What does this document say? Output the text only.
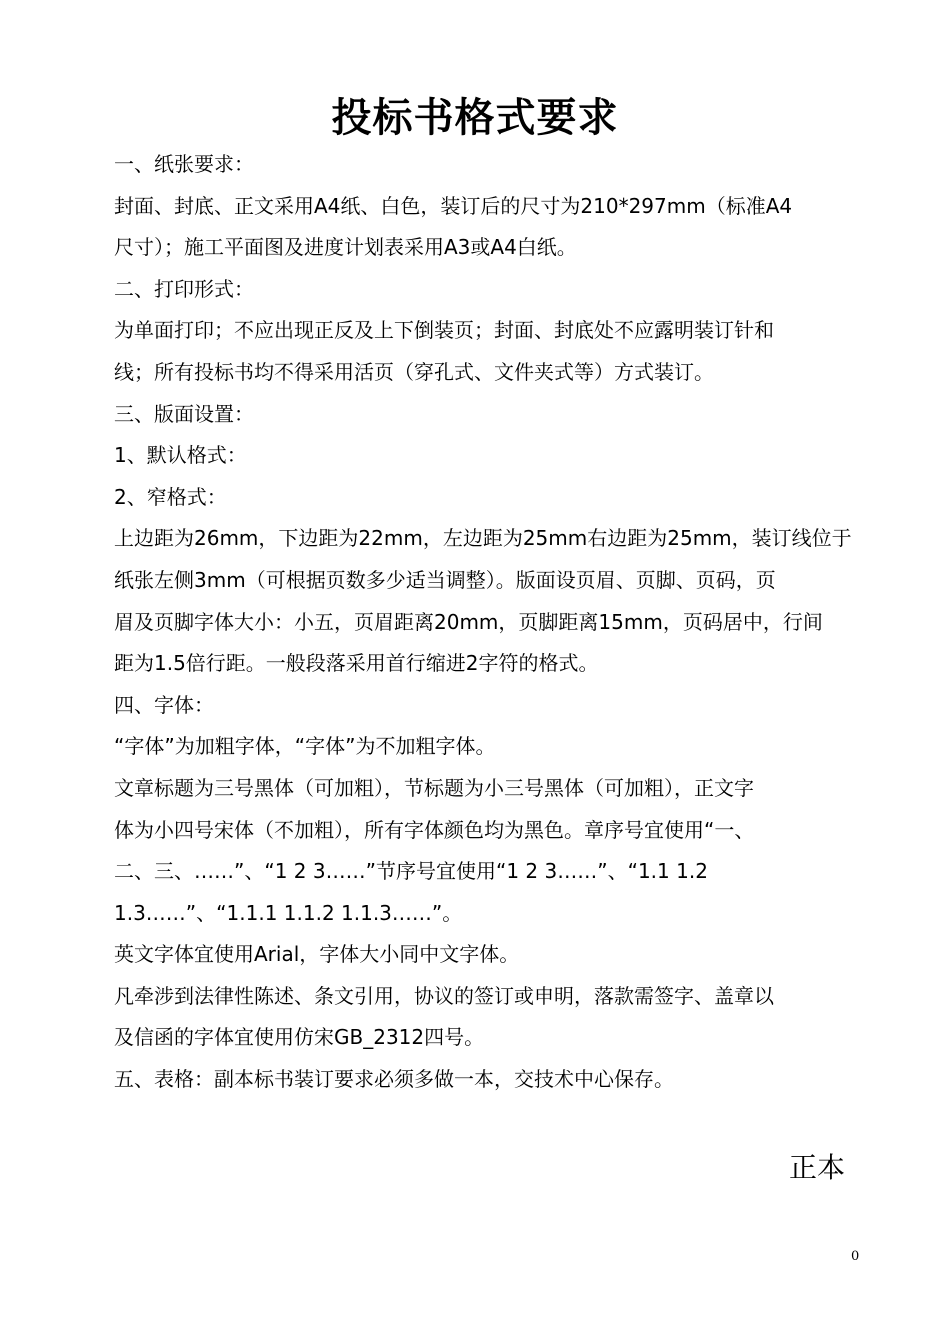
投标书格式要求
一、纸张要求：
封面、封底、正文采用A4纸、白色，装订后的尺寸为210*297mm（标准A4
尺寸）；施工平面图及进度计划表采用A3或A4白纸。
二、打印形式：
为单面打印；不应出现正反及上下倒装页；封面、封底处不应露明装订针和
线；所有投标书均不得采用活页（穿孔式、文件夹式等）方式装订。
三、版面设置：
1、默认格式：
2、窄格式：
上边距为26mm，下边距为22mm，左边距为25mm右边距为25mm，装订线位于
纸张左侧3mm（可根据页数多少适当调整）。版面设页眉、页脚、页码，页
眉及页脚字体大小：小五，页眉距离20mm，页脚距离15mm，页码居中，行间
距为1.5倍行距。一般段落采用首行缩进2字符的格式。
四、字体：
“字体”为加粗字体，“字体”为不加粗字体。
文章标题为三号黑体（可加粗），节标题为小三号黑体（可加粗），正文字
体为小四号宋体（不加粗），所有字体颜色均为黑色。章序号宜使用“一、
二、三、……”、“1 2 3……”节序号宜使用“1 2 3……”、“1.1 1.2
1.3……”、“1.1.1 1.1.2 1.1.3……”。
英文字体宜使用Arial，字体大小同中文字体。
凡牵涉到法律性陈述、条文引用，协议的签订或申明，落款需签字、盖章以
及信函的字体宜使用仿宋GB_2312四号。
五、表格：副本标书装订要求必须多做一本，交技术中心保存。
正本
0
